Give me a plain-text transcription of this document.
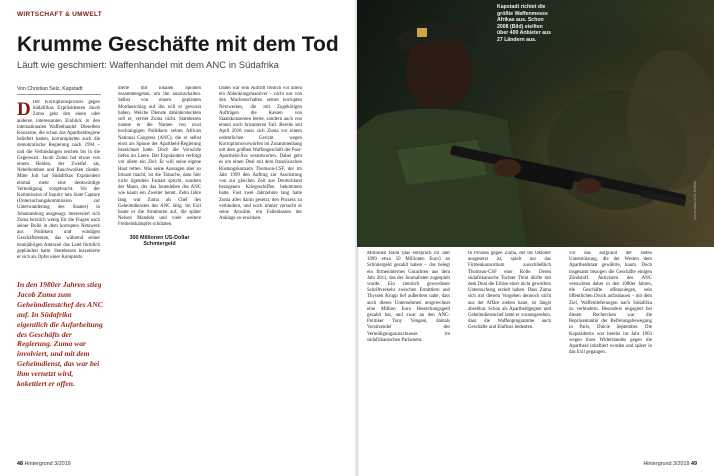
WIRTSCHAFT & UMWELT
Krumme Geschäfte mit dem Tod

Läuft wie geschmiert: Waffenhandel mit dem ANC in Südafrika

Von Christian Selz, Kapstadt

D Der Korruptionsprozess gegen Südafrikas Expräsidenten Jacob Zuma geht den einen oder anderen interessanten Einblick in den internationalen Waffenhandel. Dieselben Konzerne, die schon das Apartheidregime beliefert hatten, korrumpierten auch die demokratische Regierung nach 1994 – und die Verbindungen reichen bis in die Gegenwart. Jacob Zuma hat etwas von einem Helden, der Zweifel sät, Nebelbomben und Rauchwolken zündet. Mitte Juli hat Südafrikas Expräsident einmal mehr eine denkwürdige Verteidigung vorgebracht. Vor der Kommission of Inquiry into State Capture (Untersuchungskommission zur Unterwanderung des Staates) in Johannesburg ausgesagt, interessiert sich Zuma herzlich wenig für die Fragen nach seiner Rolle in dem korrupten Netzwerk aus Politikern und windigen Geschäftsleuten, das während seiner neunjährigen Amtszeit das Land förmlich geplündert hatte. Stattdessen inszenierte er sich als Opfer einer Komplotts.

In den 1980er Jahren stieg Jacob Zuma zum Geheimdienstchef des ANC auf. In Südafrika eigentlich die Aufarbeitung des Geschäfts der Regierung. Zuma war involviert, und mit dem Geheimdienst, das war bei ihm vernetzt wird, kokettiert er offen.

dierte mit lokalen Spionen zusammengetan, um ihn auszuschalten. Selbst von einem geplanten Mordanschlag auf ihn will er gewusst haben. Welche Dienste dahintersteckten soll er, verriet Zuma nicht. Stattdessen nannte er die Namen von zwei hochrangigen Politikern seines African National Congress (ANC), die er selbst einst als Spione der Apartheid-Regierung bezeichnet hatte. Doch die Vorwürfe liefen ins Leere. Der Expräsident verfolgt vor allem ein Ziel: Er will seine eigene Haut retten. Was seine Aussagen aber so brisant macht, ist die Tatsache, dass hier nicht irgendein Fantast spricht, sondern der Mann, der das Innenleben des ANC wie kaum ein Zweiter kennt. Zehn Jahre lang war Zuma als Chef des Geheimdienstes des ANC tätig. Im Exil baute er die Strukturen auf, die später Nelson Mandela und viele weitere Freiheitskämpfer schützten.

300 Millionen US-Dollar
Schmiergeld

Dabei war sein Auftritt freilich vor allem ein Ablenkungsmanöver – nicht nur von den Machenschaften seines korrupten Netzwerkes, die mit Zugehörigen Aufträgen die Kassen von Staatskonzernen leerte, sondern auch von einem noch brisanteren Fall. Bereits seit April 2018 muss sich Zuma vor einem ordentlichen Gericht wegen Korruptionsvorwürfen im Zusammenhang mit dem größten Waffengeschäft der Post-Apartheid-Ära verantworten. Dabei geht es um einen Deal mit dem französischen Rüstungskonzern Thomson-CSF, der im Jahr 1999 den Auftrag zur Ausrüstung von zur gleichen Zeit aus Deutschland bezogenen Kriegsschiffen bekommen hatte. Fast zwei Jahrzehnte lang hatte Zuma alles daran gesetzt, den Prozess zu verhindern, und noch immer versucht er seine Anwälte, ein Fallenlassen der Anklage zu erwirken.

48 Hintergrund 3/2019
Kapstadt richtet die größte Waffenmesse Afrikas aus. Schon 2008 (Bild) stellten über 400 Anbieter aus 27 Ländern aus.
picture-alliance/Nic Bothma

Millionen Rand (das entsprach im Jahr 1999 etwa 50 Millionen Euro) an Schmiergeld gezahlt haben – das belegt ein firmeninternes Gutachten aus dem Jahr 2011, das der Journalisten zugespielt wurde. Ein ziemlich gewordener Schriftverkehr zwischen Ermittlern und Thyssen Krupp lief außerdem nahe, dass auch dieses Unternehmen umgerechnet eine Million Euro Bestechungsgeld gezahlt hat, und zwar an den ANC-Politiker Tony Yengeni, damals Vorsitzender des Verteidigungsausschusses im südafrikanischen Parlament.

In Prozess gegen Zuma, der bis Oktober ausgesetzt ist, spielt nur das Firmenkonsortium ausschließlich Thomson-CSF eine Rolle. Deren südafrikanische Tochter Thint dürfte mit dem Deal die Erlöse einer nicht gewollten Untersuchung erzielt haben. Dass Zuma sich mit diesem Vorgehen dennoch nicht aus der Affäre ziehen kann, ist längst absehbar. Schon als Apartheidgegner und Geheimdienstchef hatte er vorausgesehen, dass die Waffenprogramme auch Geschäfte und Einfluss bedeuten.

vor das aufgrund der steten Unterstützung, die der Westen dem Apartheidstaat gewährte, kaum. Doch insgesamt bezogen die Geschäfte einigen Zündstoff. Aktivisten des ANC versuchten daher in den 1980er Jahren, die Geschäfte offenzulegen, sein öffentlichen Druck aufzubauen – mit dem Ziel, Waffenlieferungen nach Südafrika zu verhindern. Besonders engagiert bei diesen Recherchen war die Repräsentantin der Befreiungsbewegung in Paris, Dulcie September. Die Kapstädterin war bereits im Jahr 1963 wegen ihres Widerstandes gegen die Apartheid inhaftiert worden und später in das Exil gegangen.

Hintergrund 3/2019 49
